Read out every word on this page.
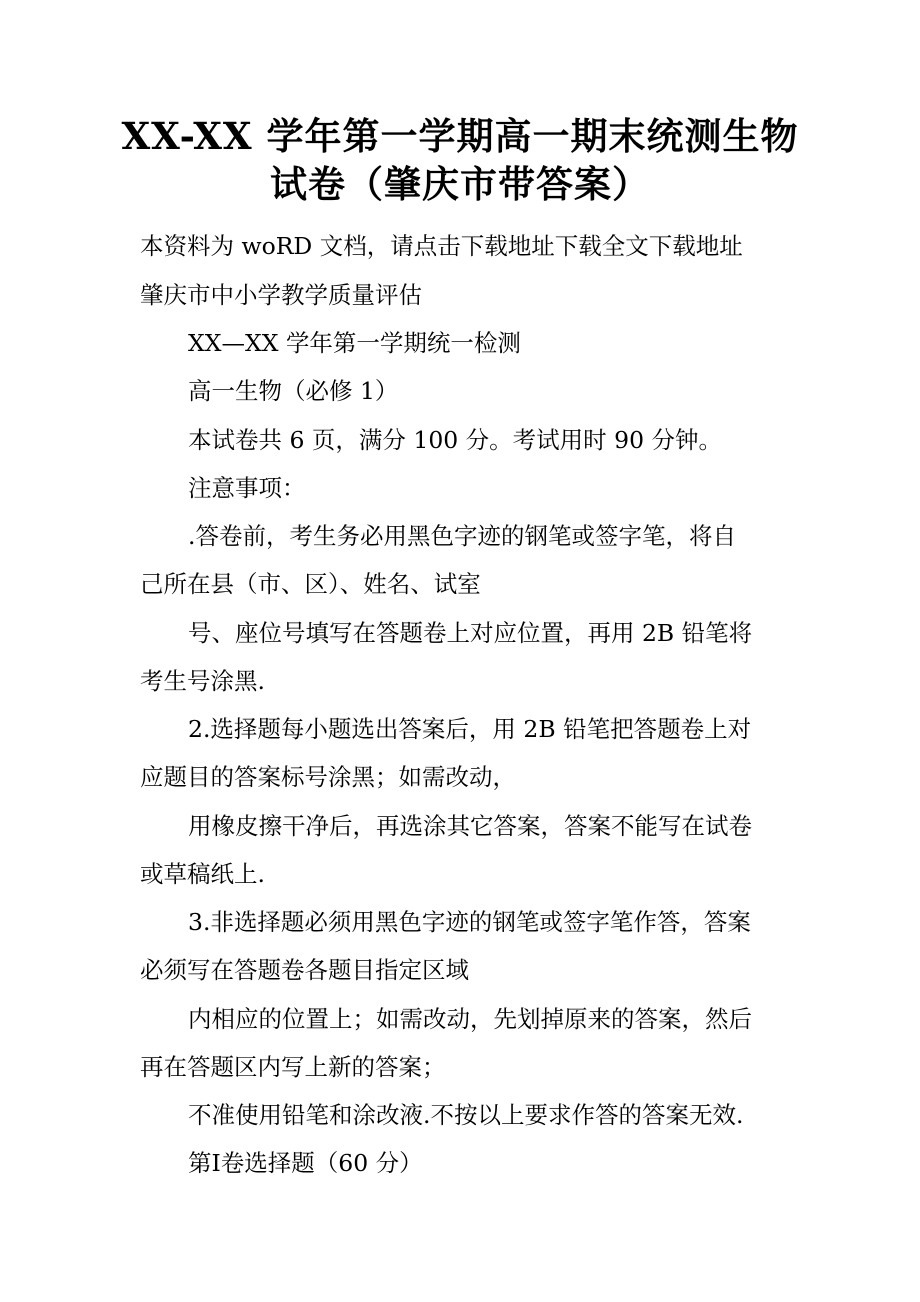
XX-XX 学年第一学期高一期末统测生物
试卷（肇庆市带答案）

本资料为 woRD 文档，请点击下载地址下载全文下载地址

肇庆市中小学教学质量评估

XX—XX 学年第一学期统一检测

高一生物（必修 1）

本试卷共 6 页，满分 100 分。考试用时 90 分钟。

注意事项：

.答卷前，考生务必用黑色字迹的钢笔或签字笔，将自

己所在县（市、区）、姓名、试室

号、座位号填写在答题卷上对应位置，再用 2B 铅笔将

考生号涂黑.

2.选择题每小题选出答案后，用 2B 铅笔把答题卷上对

应题目的答案标号涂黑；如需改动，

用橡皮擦干净后，再选涂其它答案，答案不能写在试卷

或草稿纸上.

3.非选择题必须用黑色字迹的钢笔或签字笔作答，答案

必须写在答题卷各题目指定区域

内相应的位置上；如需改动，先划掉原来的答案，然后

再在答题区内写上新的答案；

不准使用铅笔和涂改液.不按以上要求作答的答案无效.

第Ⅰ卷选择题（60 分）
